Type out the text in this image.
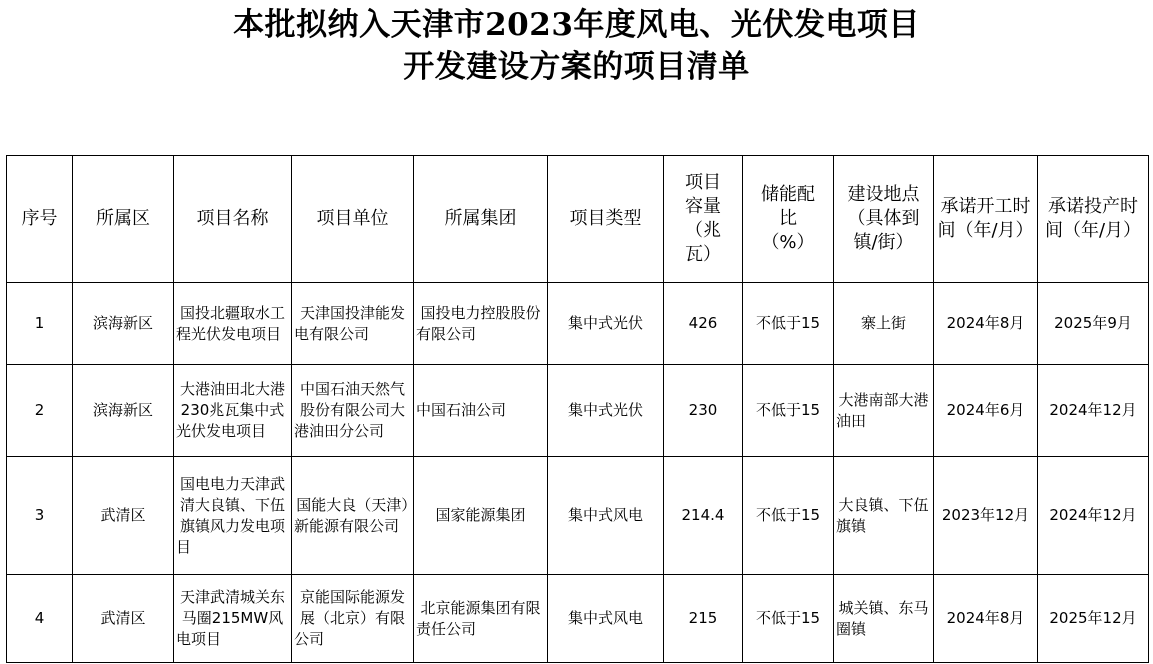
本批拟纳入天津市2023年度风电、光伏发电项目
开发建设方案的项目清单
序号	所属区	项目名称	项目单位	所属集团	项目类型	项目容量（兆瓦）	储能配比（%）	建设地点（具体到镇/街）	承诺开工时间（年/月）	承诺投产时间（年/月）
1	滨海新区	国投北疆取水工程光伏发电项目	天津国投津能发电有限公司	国投电力控股股份有限公司	集中式光伏	426	不低于15	寨上街	2024年8月	2025年9月
2	滨海新区	大港油田北大港230兆瓦集中式光伏发电项目	中国石油天然气股份有限公司大港油田分公司	中国石油公司	集中式光伏	230	不低于15	大港南部大港油田	2024年6月	2024年12月
3	武清区	国电电力天津武清大良镇、下伍旗镇风力发电项目	国能大良（天津）新能源有限公司	国家能源集团	集中式风电	214.4	不低于15	大良镇、下伍旗镇	2023年12月	2024年12月
4	武清区	天津武清城关东马圈215MW风电项目	京能国际能源发展（北京）有限公司	北京能源集团有限责任公司	集中式风电	215	不低于15	城关镇、东马圈镇	2024年8月	2025年12月
